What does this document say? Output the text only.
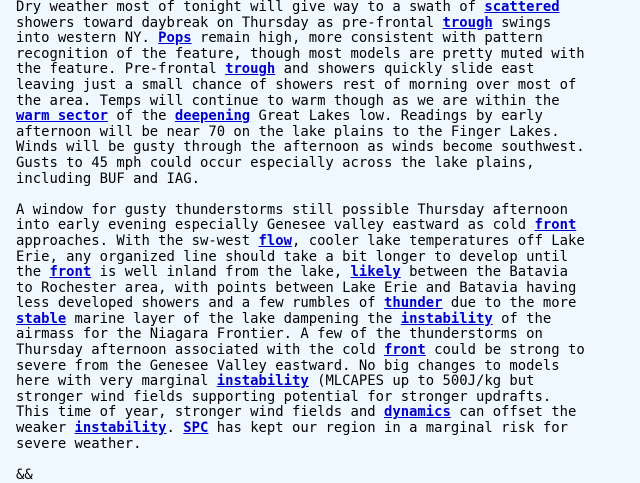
Dry weather most of tonight will give way to a swath of scattered
showers toward daybreak on Thursday as pre-frontal trough swings
into western NY. Pops remain high, more consistent with pattern
recognition of the feature, though most models are pretty muted with
the feature. Pre-frontal trough and showers quickly slide east
leaving just a small chance of showers rest of morning over most of
the area. Temps will continue to warm though as we are within the
warm sector of the deepening Great Lakes low. Readings by early
afternoon will be near 70 on the lake plains to the Finger Lakes.
Winds will be gusty through the afternoon as winds become southwest.
Gusts to 45 mph could occur especially across the lake plains,
including BUF and IAG.
A window for gusty thunderstorms still possible Thursday afternoon
into early evening especially Genesee valley eastward as cold front
approaches. With the sw-west flow, cooler lake temperatures off Lake
Erie, any organized line should take a bit longer to develop until
the front is well inland from the lake, likely between the Batavia
to Rochester area, with points between Lake Erie and Batavia having
less developed showers and a few rumbles of thunder due to the more
stable marine layer of the lake dampening the instability of the
airmass for the Niagara Frontier. A few of the thunderstorms on
Thursday afternoon associated with the cold front could be strong to
severe from the Genesee Valley eastward. No big changes to models
here with very marginal instability (MLCAPES up to 500J/kg but
stronger wind fields supporting potential for stronger updrafts.
This time of year, stronger wind fields and dynamics can offset the
weaker instability. SPC has kept our region in a marginal risk for
severe weather.
&&
